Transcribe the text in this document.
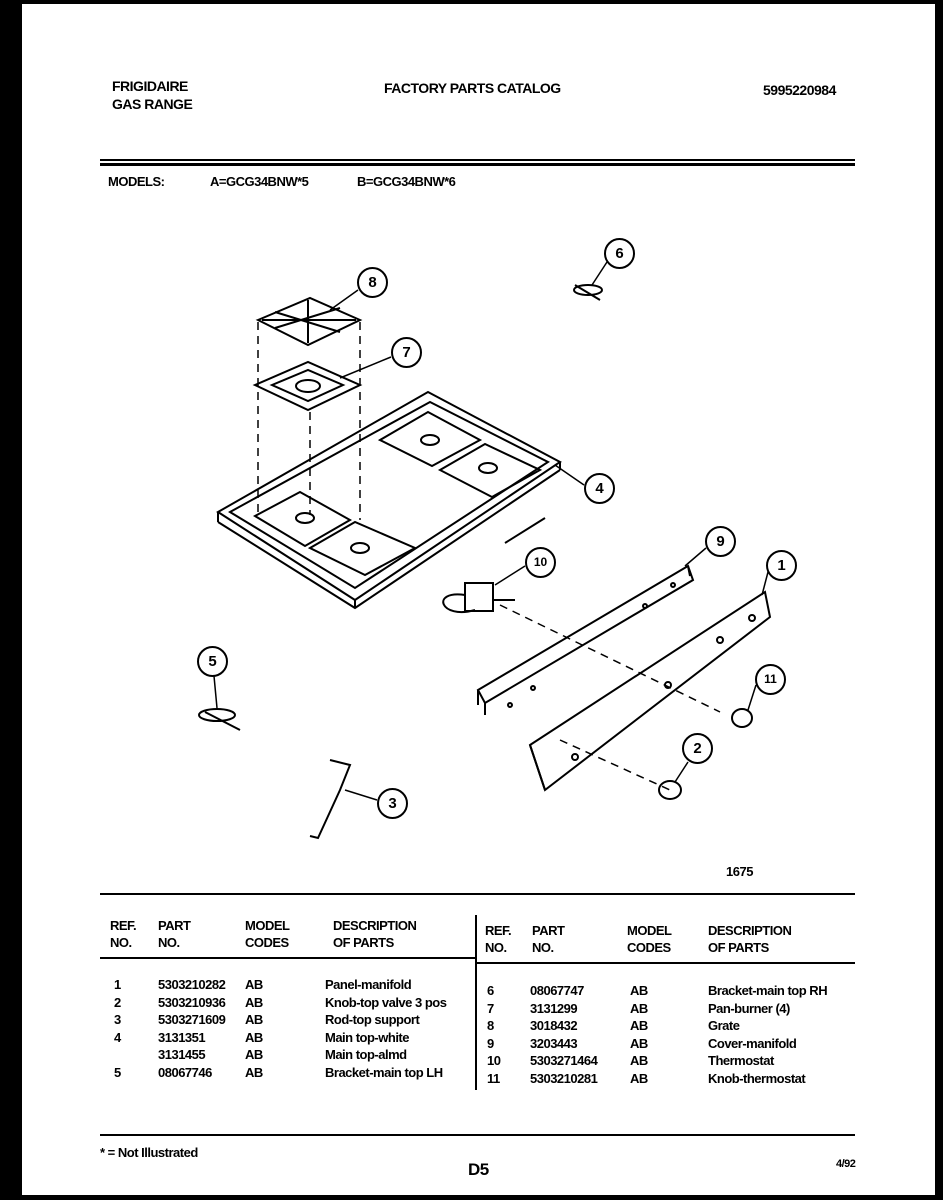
FRIGIDAIRE
GAS RANGE
FACTORY PARTS CATALOG	5995220984
MODELS:	A=GCG34BNW*5	B=GCG34BNW*6
1
2
3
4
5
6
7
8
9
10
11
1675
REF. PART	MODEL	DESCRIPTION
NO. NO.	CODES	OF PARTS
REF. PART	MODEL	DESCRIPTION
NO. NO.	CODES	OF PARTS
1	5303210282 AB	Panel-manifold
2	5303210936 AB	Knob-top valve 3 pos
3	5303271609 AB	Rod-top support
4	3131351	AB	Main top-white
3131455	AB	Main top-almd
5	08067746	AB	Bracket-main top LH
6	08067747	AB	Bracket-main top RH
7	3131299	AB	Pan-burner (4)
8	3018432	AB	Grate
9	3203443	AB	Cover-manifold
10 5303271464	AB	Thermostat
11 5303210281	AB	Knob-thermostat
* = Not Illustrated
D5	4/92
